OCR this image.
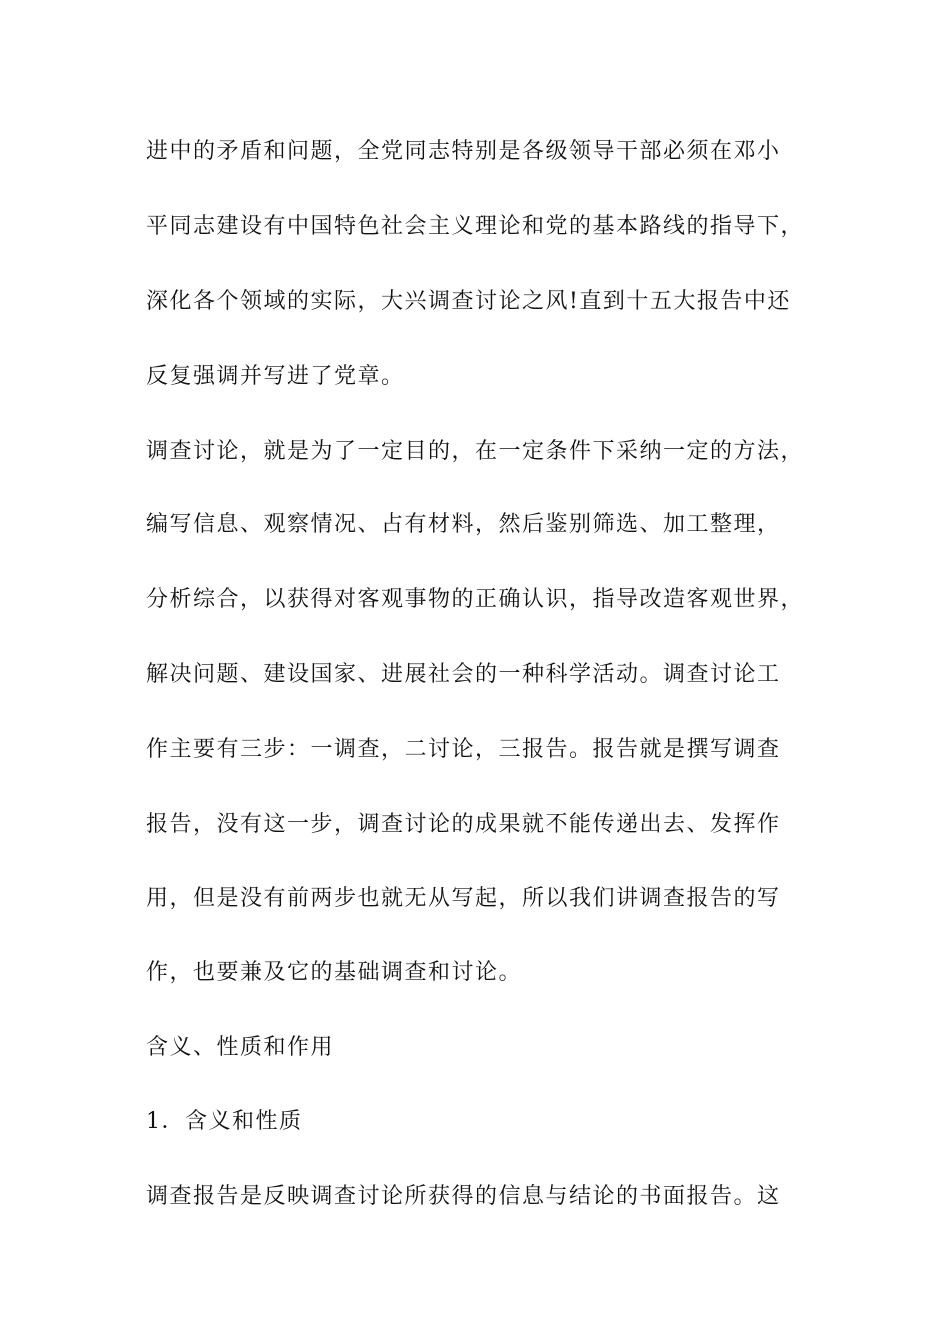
进中的矛盾和问题，全党同志特别是各级领导干部必须在邓小
平同志建设有中国特色社会主义理论和党的基本路线的指导下，
深化各个领域的实际，大兴调查讨论之风!直到十五大报告中还
反复强调并写进了党章。
调查讨论，就是为了一定目的，在一定条件下采纳一定的方法，
编写信息、观察情况、占有材料，然后鉴别筛选、加工整理，
分析综合，以获得对客观事物的正确认识，指导改造客观世界，
解决问题、建设国家、进展社会的一种科学活动。调查讨论工
作主要有三步：一调查，二讨论，三报告。报告就是撰写调查
报告，没有这一步，调查讨论的成果就不能传递出去、发挥作
用，但是没有前两步也就无从写起，所以我们讲调查报告的写
作，也要兼及它的基础调查和讨论。
含义、性质和作用
1．含义和性质
调查报告是反映调查讨论所获得的信息与结论的书面报告。这
